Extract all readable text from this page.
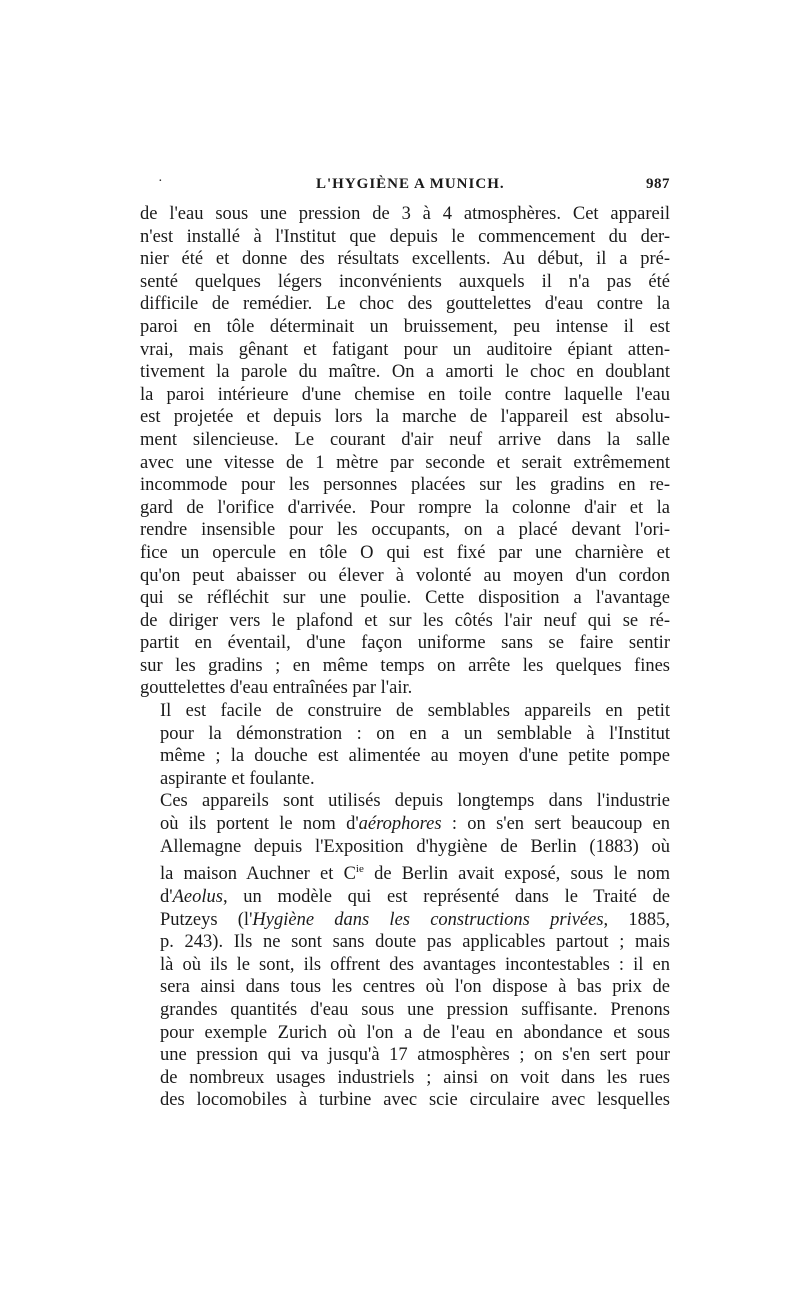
·	L'HYGIÈNE A MUNICH.	987

de l'eau sous une pression de 3 à 4 atmosphères. Cet appareil
n'est installé à l'Institut que depuis le commencement du der-
nier été et donne des résultats excellents. Au début, il a pré-
senté quelques légers inconvénients auxquels il n'a pas été
difficile de remédier. Le choc des gouttelettes d'eau contre la
paroi en tôle déterminait un bruissement, peu intense il est
vrai, mais gênant et fatigant pour un auditoire épiant atten-
tivement la parole du maître. On a amorti le choc en doublant
la paroi intérieure d'une chemise en toile contre laquelle l'eau
est projetée et depuis lors la marche de l'appareil est absolu-
ment silencieuse. Le courant d'air neuf arrive dans la salle
avec une vitesse de 1 mètre par seconde et serait extrêmement
incommode pour les personnes placées sur les gradins en re-
gard de l'orifice d'arrivée. Pour rompre la colonne d'air et la
rendre insensible pour les occupants, on a placé devant l'ori-
fice un opercule en tôle O qui est fixé par une charnière et
qu'on peut abaisser ou élever à volonté au moyen d'un cordon
qui se réfléchit sur une poulie. Cette disposition a l'avantage
de diriger vers le plafond et sur les côtés l'air neuf qui se ré-
partit en éventail, d'une façon uniforme sans se faire sentir
sur les gradins ; en même temps on arrête les quelques fines
gouttelettes d'eau entraînées par l'air.

Il est facile de construire de semblables appareils en petit
pour la démonstration : on en a un semblable à l'Institut
même ; la douche est alimentée au moyen d'une petite pompe
aspirante et foulante.

Ces appareils sont utilisés depuis longtemps dans l'industrie
où ils portent le nom d'aérophores : on s'en sert beaucoup en
Allemagne depuis l'Exposition d'hygiène de Berlin (1883) où
la maison Auchner et $C^{ie}$ de Berlin avait exposé, sous le nom
d'Aeolus, un modèle qui est représenté dans le Traité de
Putzeys (l'Hygiène dans les constructions privées, 1885,
p. 243). Ils ne sont sans doute pas applicables partout ; mais
là où ils le sont, ils offrent des avantages incontestables : il en
sera ainsi dans tous les centres où l'on dispose à bas prix de
grandes quantités d'eau sous une pression suffisante. Prenons
pour exemple Zurich où l'on a de l'eau en abondance et sous
une pression qui va jusqu'à 17 atmosphères ; on s'en sert pour
de nombreux usages industriels ; ainsi on voit dans les rues
des locomobiles à turbine avec scie circulaire avec lesquelles
